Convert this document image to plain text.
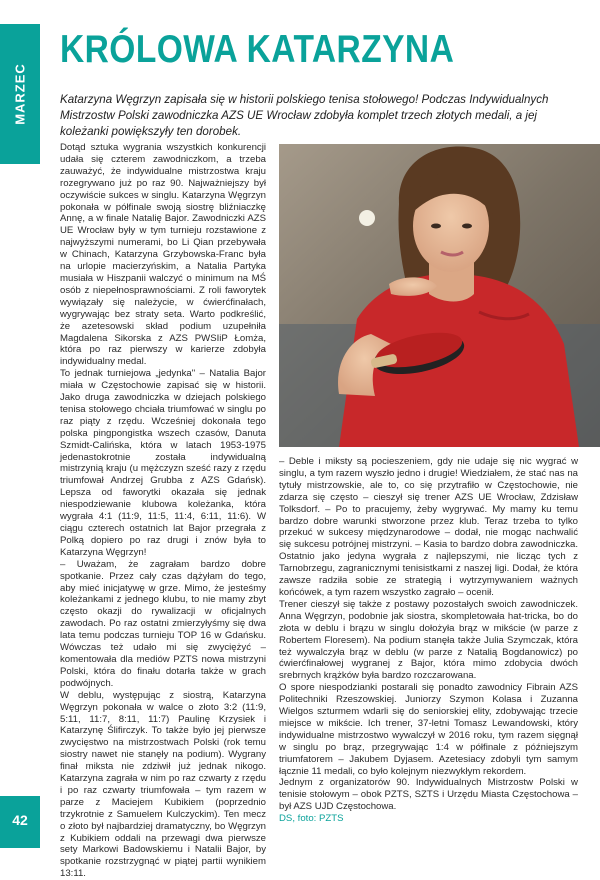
MARZEC
KRÓLOWA KATARZYNA
Katarzyna Węgrzyn zapisała się w historii polskiego tenisa stołowego! Podczas Indywidualnych Mistrzostw Polski zawodniczka AZS UE Wrocław zdobyła komplet trzech złotych medali, a jej koleżanki powiększyły ten dorobek.

Dotąd sztuka wygrania wszystkich konkurencji udała się czterem zawodniczkom, a trzeba zauważyć, że indywidualne mistrzostwa kraju rozegrywano już po raz 90. Najważniejszy był oczywiście sukces w singlu. Katarzyna Węgrzyn pokonała w półfinale swoją siostrę bliźniaczkę Annę, a w finale Natalię Bajor. Zawodniczki AZS UE Wrocław były w tym turnieju rozstawione z najwyższymi numerami, bo Li Qian przebywała w Chinach, Katarzyna Grzybowska-Franc była na urlopie macierzyńskim, a Natalia Partyka musiała w Hiszpanii walczyć o minimum na MŚ osób z niepełnosprawnościami. Z roli faworytek wywiązały się należycie, w ćwierćfinałach, wygrywając bez straty seta. Warto podkreślić, że azetesowski skład podium uzupełniła Magdalena Sikorska z AZS PWSIiP Łomża, która po raz pierwszy w karierze zdobyła indywidualny medal.

To jednak turniejowa „jedynka" – Natalia Bajor miała w Częstochowie zapisać się w historii. Jako druga zawodniczka w dziejach polskiego tenisa stołowego chciała triumfować w singlu po raz piąty z rzędu. Wcześniej dokonała tego polska pingpongistka wszech czasów, Danuta Szmidt-Calińska, która w latach 1953-1975 jedenastokrotnie została indywidualną mistrzynią kraju (u mężczyzn sześć razy z rzędu triumfował Andrzej Grubba z AZS Gdańsk). Lepsza od faworytki okazała się jednak niespodziewanie klubowa koleżanka, która wygrała 4:1 (11:9, 11:5, 11:4, 6:11, 11:6). W ciągu czterech ostatnich lat Bajor przegrała z Polką dopiero po raz drugi i znów była to Katarzyna Węgrzyn!

– Uważam, że zagrałam bardzo dobre spotkanie. Przez cały czas dążyłam do tego, aby mieć inicjatywę w grze. Mimo, że jesteśmy koleżankami z jednego klubu, to nie mamy zbyt często okazji do rywalizacji w oficjalnych zawodach. Po raz ostatni zmierzyłyśmy się dwa lata temu podczas turnieju TOP 16 w Gdańsku. Wówczas też udało mi się zwyciężyć – komentowała dla mediów PZTS nowa mistrzyni Polski, która do finału dotarła także w grach podwójnych.

W deblu, występując z siostrą, Katarzyna Węgrzyn pokonała w walce o złoto 3:2 (11:9, 5:11, 11:7, 8:11, 11:7) Paulinę Krzysiek i Katarzynę Ślifirczyk. To także było jej pierwsze zwycięstwo na mistrzostwach Polski (rok temu siostry nawet nie stanęły na podium). Wygrany finał miksta nie zdziwił już jednak nikogo. Katarzyna zagrała w nim po raz czwarty z rzędu i po raz czwarty triumfowała – tym razem w parze z Maciejem Kubikiem (poprzednio trzykrotnie z Samuelem Kulczyckim). Ten mecz o złoto był najbardziej dramatyczny, bo Węgrzyn z Kubikiem oddali na przewagi dwa pierwsze sety Markowi Badowskiemu i Natalii Bajor, by spotkanie rozstrzygnąć w piątej partii wynikiem 13:11.

– Deble i miksty są pocieszeniem, gdy nie udaje się nic wygrać w singlu, a tym razem wyszło jedno i drugie! Wiedziałem, że stać nas na tytuły mistrzowskie, ale to, co się przytrafiło w Częstochowie, nie zdarza się często – cieszył się trener AZS UE Wrocław, Zdzisław Tolksdorf. – Po to pracujemy, żeby wygrywać. My mamy ku temu bardzo dobre warunki stworzone przez klub. Teraz trzeba to tylko przekuć w sukcesy międzynarodowe – dodał, nie mogąc nachwalić się sukcesu potrójnej mistrzyni. – Kasia to bardzo dobra zawodniczka. Ostatnio jako jedyna wygrała z najlepszymi, nie licząc tych z Tarnobrzegu, zagranicznymi tenisistkami z naszej ligi. Dodał, że która zawsze radziła sobie ze strategią i wytrzymywaniem ważnych końcówek, a tym razem wszystko zagrało – ocenił.

Trener cieszył się także z postawy pozostałych swoich zawodniczek. Anna Węgrzyn, podobnie jak siostra, skompletowała hat-tricka, bo do złota w deblu i brązu w singlu dołożyła brąz w mikście (w parze z Robertem Floresem). Na podium stanęła także Julia Szymczak, która też wywalczyła brąz w deblu (w parze z Natalią Bogdanowicz) po ćwierćfinałowej wygranej z Bajor, która mimo zdobycia dwóch srebrnych krążków była bardzo rozczarowana.

O spore niespodzianki postarali się ponadto zawodnicy Fibrain AZS Politechniki Rzeszowskiej. Juniorzy Szymon Kolasa i Zuzanna Wielgos szturmem wdarli się do seniorskiej elity, zdobywając trzecie miejsce w mikście. Ich trener, 37-letni Tomasz Lewandowski, który indywidualne mistrzostwo wywalczył w 2016 roku, tym razem sięgnął w singlu po brąz, przegrywając 1:4 w półfinale z późniejszym triumfatorem – Jakubem Dyjasem. Azetesiacy zdobyli tym samym łącznie 11 medali, co było kolejnym niezwykłym rekordem.

Jednym z organizatorów 90. Indywidualnych Mistrzostw Polski w tenisie stołowym – obok PZTS, SZTS i Urzędu Miasta Częstochowa – był AZS UJD Częstochowa.

DS, foto: PZTS

42
